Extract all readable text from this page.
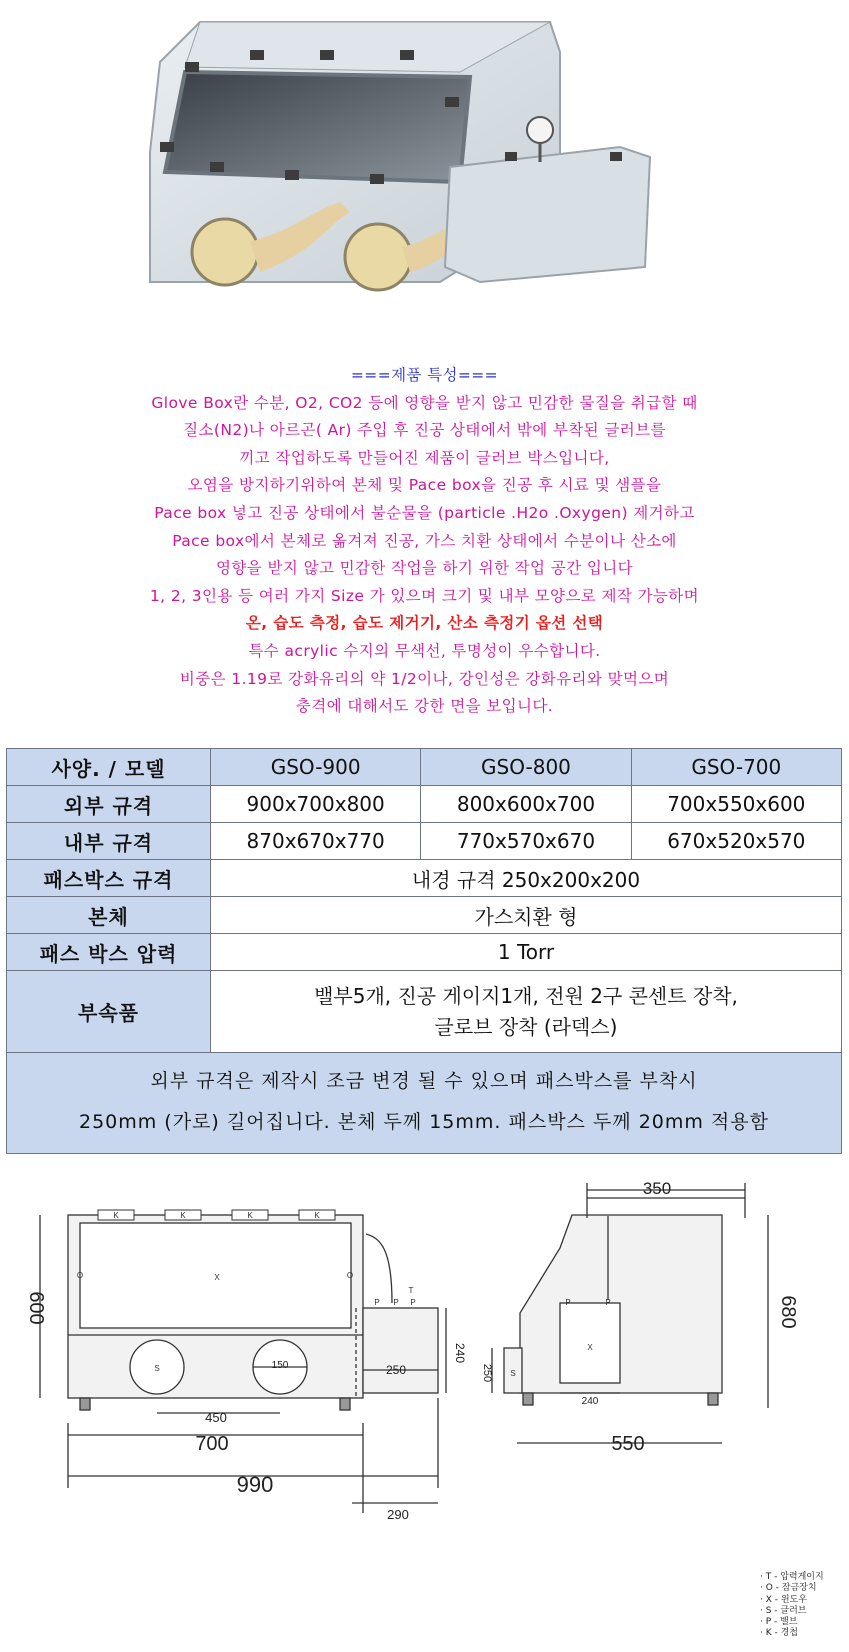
===제품 특성===
Glove Box란 수분, O2, CO2 등에 영향을 받지 않고 민감한 물질을 취급할 때
질소(N2)나 아르곤( Ar) 주입 후 진공 상태에서 밖에 부착된 글러브를
끼고 작업하도록 만들어진 제품이 글러브 박스입니다,
오염을 방지하기위하여 본체 및 Pace box을 진공 후 시료 및 샘플을
Pace box 넣고 진공 상태에서 불순물을 (particle .H2o .Oxygen) 제거하고
Pace box에서 본체로 옮겨져 진공, 가스 치환 상태에서 수분이나 산소에
영향을 받지 않고 민감한 작업을 하기 위한 작업 공간 입니다
1, 2, 3인용 등 여러 가지 Size 가 있으며 크기 및 내부 모양으로 제작 가능하며
온, 습도 측정, 습도 제거기, 산소 측정기 옵션 선택
특수 acrylic 수지의 무색선, 투명성이 우수합니다.
비중은 1.19로 강화유리의 약 1/2이나, 강인성은 강화유리와 맞먹으며
충격에 대해서도 강한 면을 보입니다.
사양. / 모델	GSO-900	GSO-800	GSO-700
외부 규격	900x700x800	800x600x700	700x550x600
내부 규격	870x670x770	770x570x670	670x520x570
패스박스 규격	내경 규격 250x200x200		
본체	가스치환 형		
패스 박스 압력	1 Torr		
부속품	밸부5개, 진공 게이지1개, 전원 2구 콘센트 장착,
글로브 장착 (라덱스)		

외부 규격은 제작시 조금 변경 될 수 있으며 패스박스를 부착시
250mm (가로) 길어집니다. 본체 두께 15mm. 패스박스 두께 20mm 적용함			
K	K	K	K
X
S
T
P P P
O	O
X
S
P	P
600
700
990
450
150	250
240
290
350
680
550
250
240
· T - 압력게이지
· O - 잠금장치
· X - 윈도우
· S - 글러브
· P - 밸브
· K - 경첩
